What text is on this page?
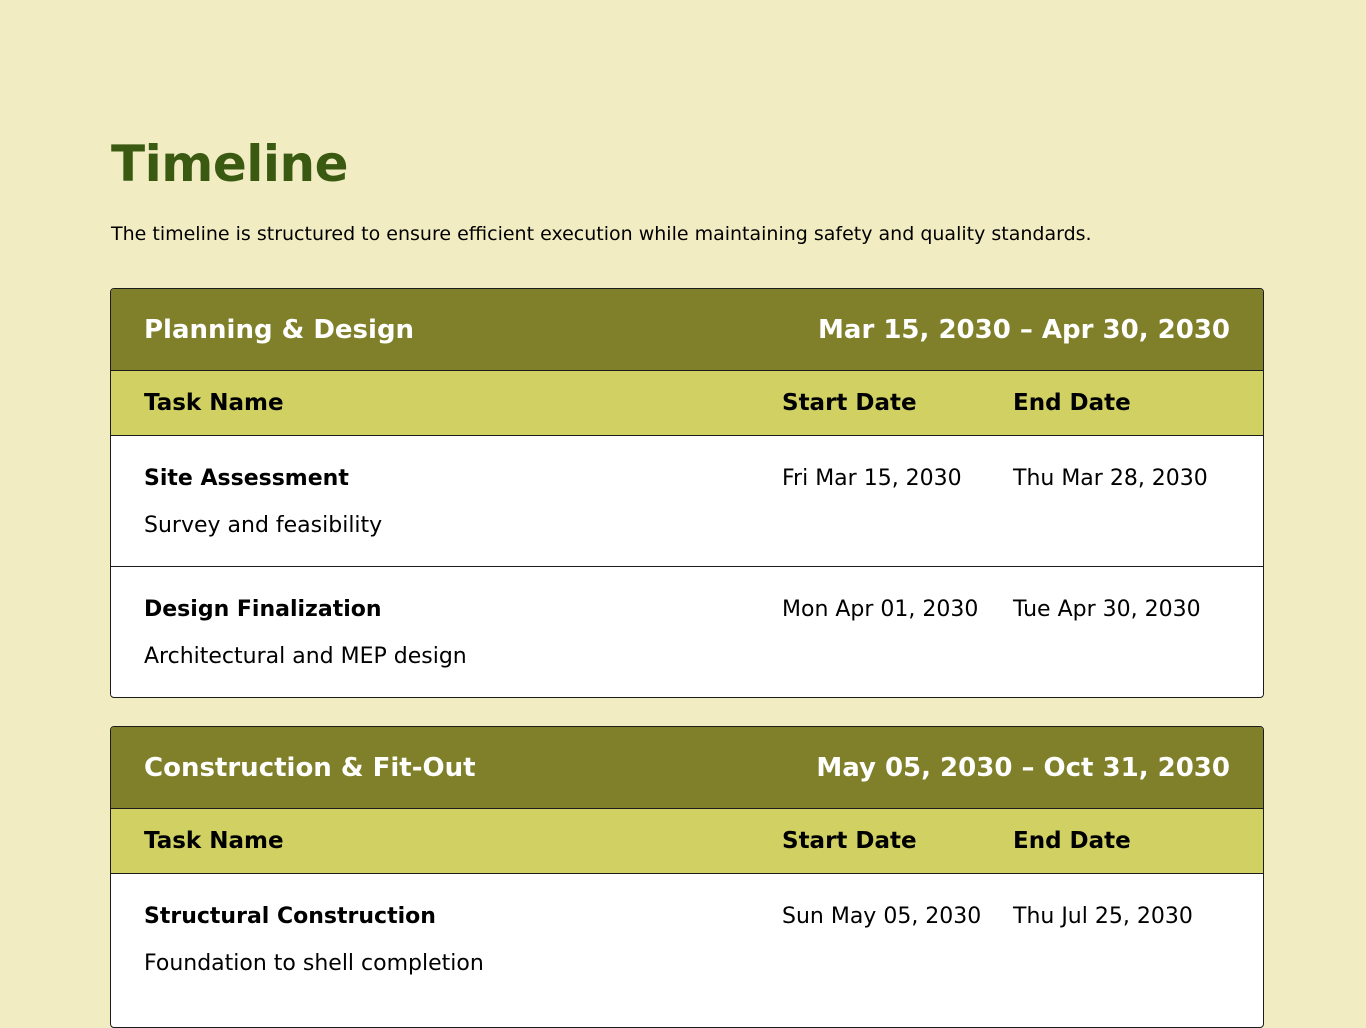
Timeline

The timeline is structured to ensure efficient execution while maintaining safety and quality standards.

Planning & Design	Mar 15, 2030 – Apr 30, 2030
Task Name	Start Date	End Date
Site Assessment
Survey and feasibility
Fri Mar 15, 2030 Thu Mar 28, 2030
Design Finalization
Architectural and MEP design
Mon Apr 01, 2030 Tue Apr 30, 2030
Construction & Fit-Out	May 05, 2030 – Oct 31, 2030
Task Name	Start Date	End Date
Structural Construction
Foundation to shell completion
Sun May 05, 2030 Thu Jul 25, 2030
